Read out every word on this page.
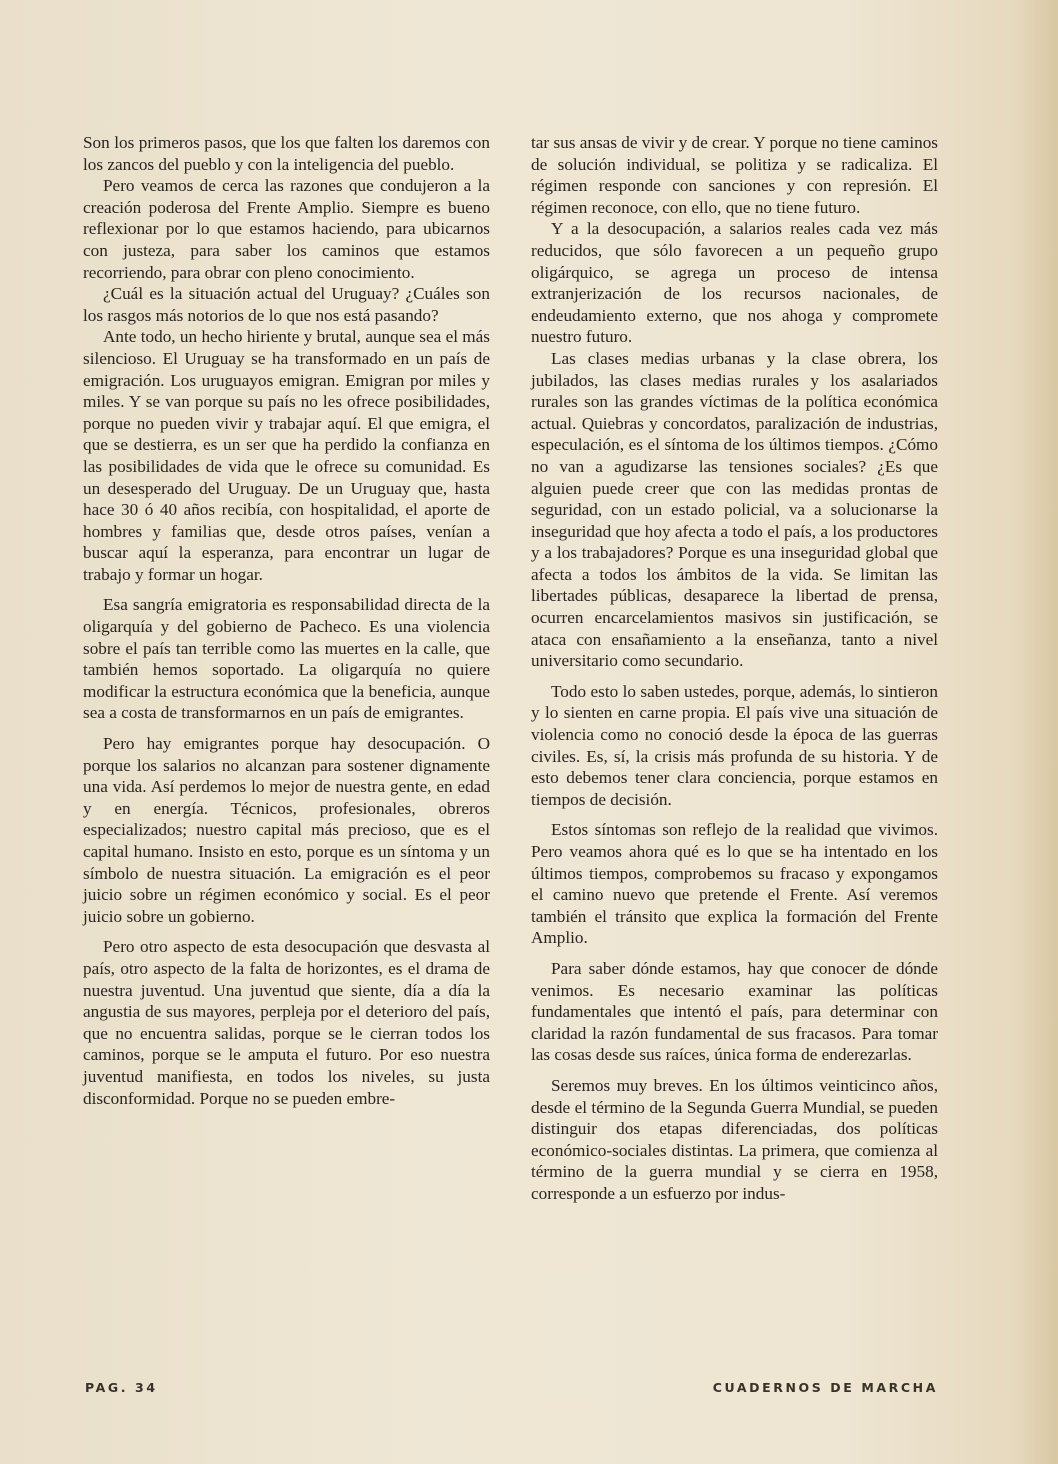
Son los primeros pasos, que los que falten los daremos con los zancos del pueblo y con la inteligencia del pueblo.

Pero veamos de cerca las razones que condujeron a la creación poderosa del Frente Amplio. Siempre es bueno reflexionar por lo que estamos haciendo, para ubicarnos con justeza, para saber los caminos que estamos recorriendo, para obrar con pleno conocimiento.

¿Cuál es la situación actual del Uruguay? ¿Cuáles son los rasgos más notorios de lo que nos está pasando?

Ante todo, un hecho hiriente y brutal, aunque sea el más silencioso. El Uruguay se ha transformado en un país de emigración. Los uruguayos emigran. Emigran por miles y miles. Y se van porque su país no les ofrece posibilidades, porque no pueden vivir y trabajar aquí. El que emigra, el que se destierra, es un ser que ha perdido la confianza en las posibilidades de vida que le ofrece su comunidad. Es un desesperado del Uruguay. De un Uruguay que, hasta hace 30 ó 40 años recibía, con hospitalidad, el aporte de hombres y familias que, desde otros países, venían a buscar aquí la esperanza, para encontrar un lugar de trabajo y formar un hogar.

Esa sangría emigratoria es responsabilidad directa de la oligarquía y del gobierno de Pacheco. Es una violencia sobre el país tan terrible como las muertes en la calle, que también hemos soportado. La oligarquía no quiere modificar la estructura económica que la beneficia, aunque sea a costa de transformarnos en un país de emigrantes.

Pero hay emigrantes porque hay desocupación. O porque los salarios no alcanzan para sostener dignamente una vida. Así perdemos lo mejor de nuestra gente, en edad y en energía. Técnicos, profesionales, obreros especializados; nuestro capital más precioso, que es el capital humano. Insisto en esto, porque es un síntoma y un símbolo de nuestra situación. La emigración es el peor juicio sobre un régimen económico y social. Es el peor juicio sobre un gobierno.

Pero otro aspecto de esta desocupación que desvasta al país, otro aspecto de la falta de horizontes, es el drama de nuestra juventud. Una juventud que siente, día a día la angustia de sus mayores, perpleja por el deterioro del país, que no encuentra salidas, porque se le cierran todos los caminos, porque se le amputa el futuro. Por eso nuestra juventud manifiesta, en todos los niveles, su justa disconformidad. Porque no se pueden embre-

tar sus ansas de vivir y de crear. Y porque no tiene caminos de solución individual, se politiza y se radicaliza. El régimen responde con sanciones y con represión. El régimen reconoce, con ello, que no tiene futuro.

Y a la desocupación, a salarios reales cada vez más reducidos, que sólo favorecen a un pequeño grupo oligárquico, se agrega un proceso de intensa extranjerización de los recursos nacionales, de endeudamiento externo, que nos ahoga y compromete nuestro futuro.

Las clases medias urbanas y la clase obrera, los jubilados, las clases medias rurales y los asalariados rurales son las grandes víctimas de la política económica actual. Quiebras y concordatos, paralización de industrias, especulación, es el síntoma de los últimos tiempos. ¿Cómo no van a agudizarse las tensiones sociales? ¿Es que alguien puede creer que con las medidas prontas de seguridad, con un estado policial, va a solucionarse la inseguridad que hoy afecta a todo el país, a los productores y a los trabajadores? Porque es una inseguridad global que afecta a todos los ámbitos de la vida. Se limitan las libertades públicas, desaparece la libertad de prensa, ocurren encarcelamientos masivos sin justificación, se ataca con ensañamiento a la enseñanza, tanto a nivel universitario como secundario.

Todo esto lo saben ustedes, porque, además, lo sintieron y lo sienten en carne propia. El país vive una situación de violencia como no conoció desde la época de las guerras civiles. Es, sí, la crisis más profunda de su historia. Y de esto debemos tener clara conciencia, porque estamos en tiempos de decisión.

Estos síntomas son reflejo de la realidad que vivimos. Pero veamos ahora qué es lo que se ha intentado en los últimos tiempos, comprobemos su fracaso y expongamos el camino nuevo que pretende el Frente. Así veremos también el tránsito que explica la formación del Frente Amplio.

Para saber dónde estamos, hay que conocer de dónde venimos. Es necesario examinar las políticas fundamentales que intentó el país, para determinar con claridad la razón fundamental de sus fracasos. Para tomar las cosas desde sus raíces, única forma de enderezarlas.

Seremos muy breves. En los últimos veinticinco años, desde el término de la Segunda Guerra Mundial, se pueden distinguir dos etapas diferenciadas, dos políticas económico-sociales distintas. La primera, que comienza al término de la guerra mundial y se cierra en 1958, corresponde a un esfuerzo por indus-

PAG. 34	CUADERNOS DE MARCHA
